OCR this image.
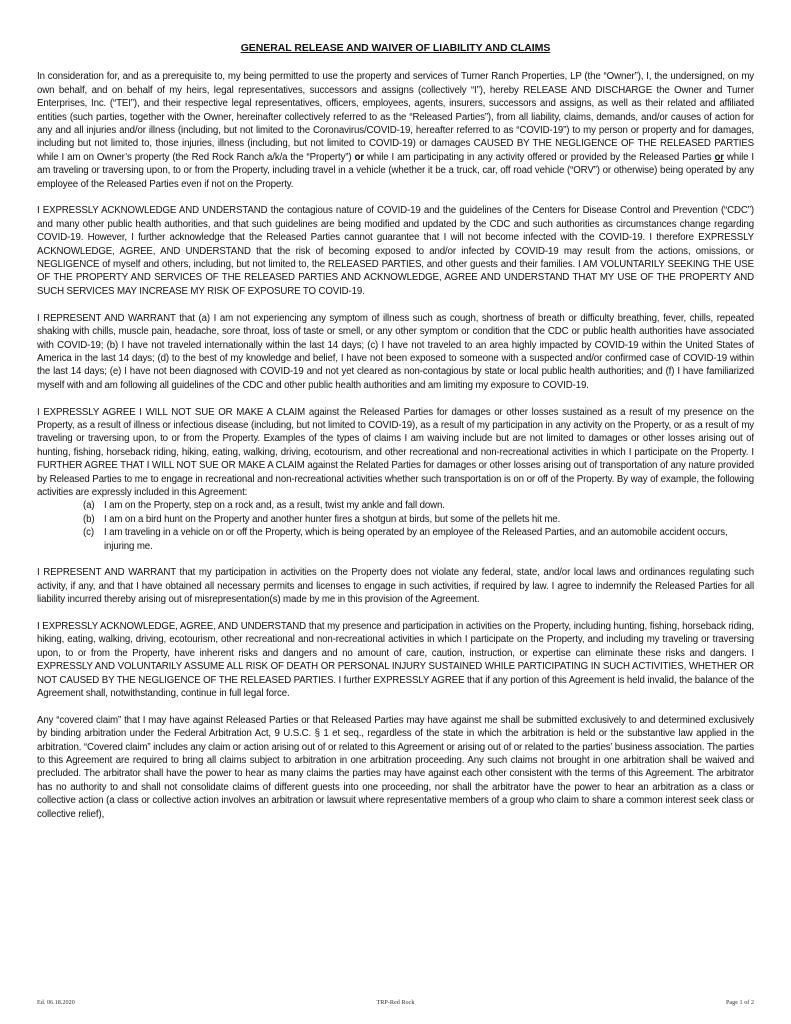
GENERAL RELEASE AND WAIVER OF LIABILITY AND CLAIMS

In consideration for, and as a prerequisite to, my being permitted to use the property and services of Turner Ranch Properties, LP (the “Owner”), I, the undersigned, on my own behalf, and on behalf of my heirs, legal representatives, successors and assigns (collectively “I”), hereby RELEASE AND DISCHARGE the Owner and Turner Enterprises, Inc. (“TEI”), and their respective legal representatives, officers, employees, agents, insurers, successors and assigns, as well as their related and affiliated entities (such parties, together with the Owner, hereinafter collectively referred to as the “Released Parties”), from all liability, claims, demands, and/or causes of action for any and all injuries and/or illness (including, but not limited to the Coronavirus/COVID-19, hereafter referred to as “COVID-19”) to my person or property and for damages, including but not limited to, those injuries, illness (including, but not limited to COVID-19) or damages CAUSED BY THE NEGLIGENCE OF THE RELEASED PARTIES while I am on Owner’s property (the Red Rock Ranch a/k/a the “Property”) or while I am participating in any activity offered or provided by the Released Parties or while I am traveling or traversing upon, to or from the Property, including travel in a vehicle (whether it be a truck, car, off road vehicle (“ORV”) or otherwise) being operated by any employee of the Released Parties even if not on the Property.

I EXPRESSLY ACKNOWLEDGE AND UNDERSTAND the contagious nature of COVID-19 and the guidelines of the Centers for Disease Control and Prevention (“CDC”) and many other public health authorities, and that such guidelines are being modified and updated by the CDC and such authorities as circumstances change regarding COVID-19. However, I further acknowledge that the Released Parties cannot guarantee that I will not become infected with the COVID-19. I therefore EXPRESSLY ACKNOWLEDGE, AGREE, AND UNDERSTAND that the risk of becoming exposed to and/or infected by COVID-19 may result from the actions, omissions, or NEGLIGENCE of myself and others, including, but not limited to, the RELEASED PARTIES, and other guests and their families. I AM VOLUNTARILY SEEKING THE USE OF THE PROPERTY AND SERVICES OF THE RELEASED PARTIES AND ACKNOWLEDGE, AGREE AND UNDERSTAND THAT MY USE OF THE PROPERTY AND SUCH SERVICES MAY INCREASE MY RISK OF EXPOSURE TO COVID-19.

I REPRESENT AND WARRANT that (a) I am not experiencing any symptom of illness such as cough, shortness of breath or difficulty breathing, fever, chills, repeated shaking with chills, muscle pain, headache, sore throat, loss of taste or smell, or any other symptom or condition that the CDC or public health authorities have associated with COVID-19; (b) I have not traveled internationally within the last 14 days; (c) I have not traveled to an area highly impacted by COVID-19 within the United States of America in the last 14 days; (d) to the best of my knowledge and belief, I have not been exposed to someone with a suspected and/or confirmed case of COVID-19 within the last 14 days; (e) I have not been diagnosed with COVID-19 and not yet cleared as non-contagious by state or local public health authorities; and (f) I have familiarized myself with and am following all guidelines of the CDC and other public health authorities and am limiting my exposure to COVID-19.

I EXPRESSLY AGREE I WILL NOT SUE OR MAKE A CLAIM against the Released Parties for damages or other losses sustained as a result of my presence on the Property, as a result of illness or infectious disease (including, but not limited to COVID-19), as a result of my participation in any activity on the Property, or as a result of my traveling or traversing upon, to or from the Property. Examples of the types of claims I am waiving include but are not limited to damages or other losses arising out of hunting, fishing, horseback riding, hiking, eating, walking, driving, ecotourism, and other recreational and non-recreational activities in which I participate on the Property. I FURTHER AGREE THAT I WILL NOT SUE OR MAKE A CLAIM against the Related Parties for damages or other losses arising out of transportation of any nature provided by Released Parties to me to engage in recreational and non-recreational activities whether such transportation is on or off of the Property. By way of example, the following activities are expressly included in this Agreement:

(a) I am on the Property, step on a rock and, as a result, twist my ankle and fall down.
(b) I am on a bird hunt on the Property and another hunter fires a shotgun at birds, but some of the pellets hit me.
(c) I am traveling in a vehicle on or off the Property, which is being operated by an employee of the Released Parties, and an automobile accident occurs, injuring me.

I REPRESENT AND WARRANT that my participation in activities on the Property does not violate any federal, state, and/or local laws and ordinances regulating such activity, if any, and that I have obtained all necessary permits and licenses to engage in such activities, if required by law. I agree to indemnify the Released Parties for all liability incurred thereby arising out of misrepresentation(s) made by me in this provision of the Agreement.

I EXPRESSLY ACKNOWLEDGE, AGREE, AND UNDERSTAND that my presence and participation in activities on the Property, including hunting, fishing, horseback riding, hiking, eating, walking, driving, ecotourism, other recreational and non-recreational activities in which I participate on the Property, and including my traveling or traversing upon, to or from the Property, have inherent risks and dangers and no amount of care, caution, instruction, or expertise can eliminate these risks and dangers. I EXPRESSLY AND VOLUNTARILY ASSUME ALL RISK OF DEATH OR PERSONAL INJURY SUSTAINED WHILE PARTICIPATING IN SUCH ACTIVITIES, WHETHER OR NOT CAUSED BY THE NEGLIGENCE OF THE RELEASED PARTIES. I further EXPRESSLY AGREE that if any portion of this Agreement is held invalid, the balance of the Agreement shall, notwithstanding, continue in full legal force.

Any “covered claim” that I may have against Released Parties or that Released Parties may have against me shall be submitted exclusively to and determined exclusively by binding arbitration under the Federal Arbitration Act, 9 U.S.C. § 1 et seq., regardless of the state in which the arbitration is held or the substantive law applied in the arbitration. “Covered claim” includes any claim or action arising out of or related to this Agreement or arising out of or related to the parties’ business association. The parties to this Agreement are required to bring all claims subject to arbitration in one arbitration proceeding. Any such claims not brought in one arbitration shall be waived and precluded. The arbitrator shall have the power to hear as many claims the parties may have against each other consistent with the terms of this Agreement. The arbitrator has no authority to and shall not consolidate claims of different guests into one proceeding, nor shall the arbitrator have the power to hear an arbitration as a class or collective action (a class or collective action involves an arbitration or lawsuit where representative members of a group who claim to share a common interest seek class or collective relief),

Ed. 06.18.2020	TRP-Red Rock	Page 1 of 2
